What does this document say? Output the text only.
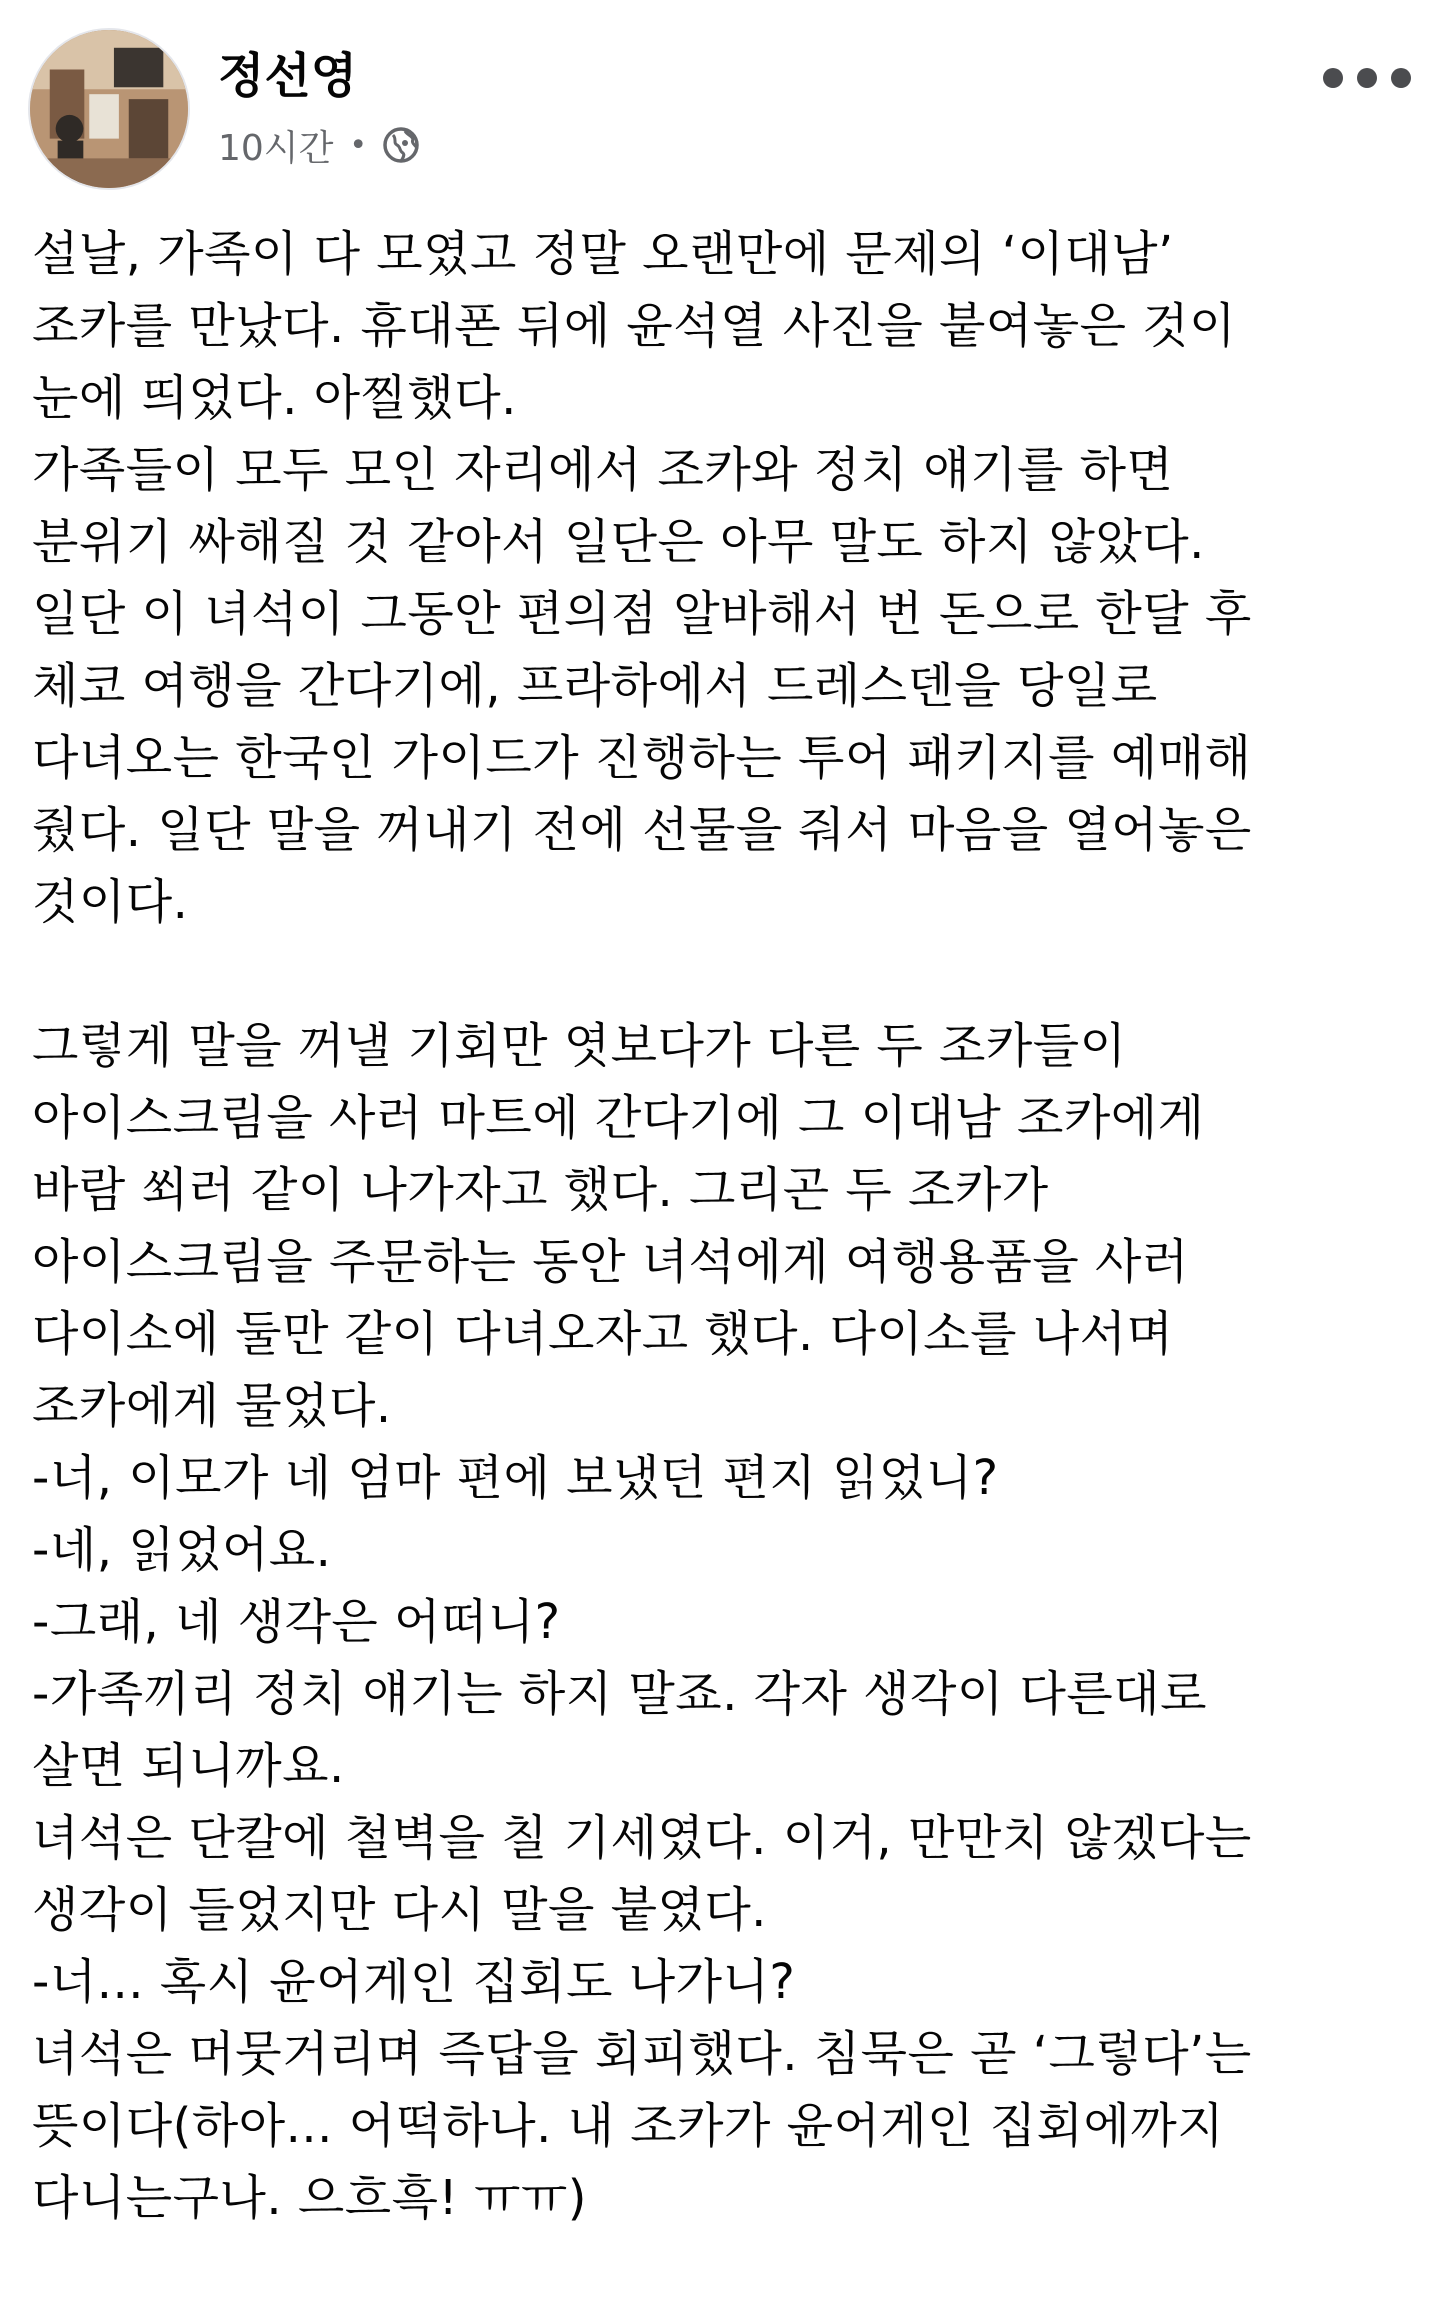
정선영
10시간 •
설날, 가족이 다 모였고 정말 오랜만에 문제의 ‘이대남’
조카를 만났다. 휴대폰 뒤에 윤석열 사진을 붙여놓은 것이
눈에 띄었다. 아찔했다.
가족들이 모두 모인 자리에서 조카와 정치 얘기를 하면
분위기 싸해질 것 같아서 일단은 아무 말도 하지 않았다.
일단 이 녀석이 그동안 편의점 알바해서 번 돈으로 한달 후
체코 여행을 간다기에, 프라하에서 드레스덴을 당일로
다녀오는 한국인 가이드가 진행하는 투어 패키지를 예매해
줬다. 일단 말을 꺼내기 전에 선물을 줘서 마음을 열어놓은
것이다.
그렇게 말을 꺼낼 기회만 엿보다가 다른 두 조카들이
아이스크림을 사러 마트에 간다기에 그 이대남 조카에게
바람 쐬러 같이 나가자고 했다. 그리곤 두 조카가
아이스크림을 주문하는 동안 녀석에게 여행용품을 사러
다이소에 둘만 같이 다녀오자고 했다. 다이소를 나서며
조카에게 물었다.
-너, 이모가 네 엄마 편에 보냈던 편지 읽었니?
-네, 읽었어요.
-그래, 네 생각은 어떠니?
-가족끼리 정치 얘기는 하지 말죠. 각자 생각이 다른대로
살면 되니까요.
녀석은 단칼에 철벽을 칠 기세였다. 이거, 만만치 않겠다는
생각이 들었지만 다시 말을 붙였다.
-너... 혹시 윤어게인 집회도 나가니?
녀석은 머뭇거리며 즉답을 회피했다. 침묵은 곧 ‘그렇다’는
뜻이다(하아... 어떡하나. 내 조카가 윤어게인 집회에까지
다니는구나. 으흐흑! ㅠㅠ)
